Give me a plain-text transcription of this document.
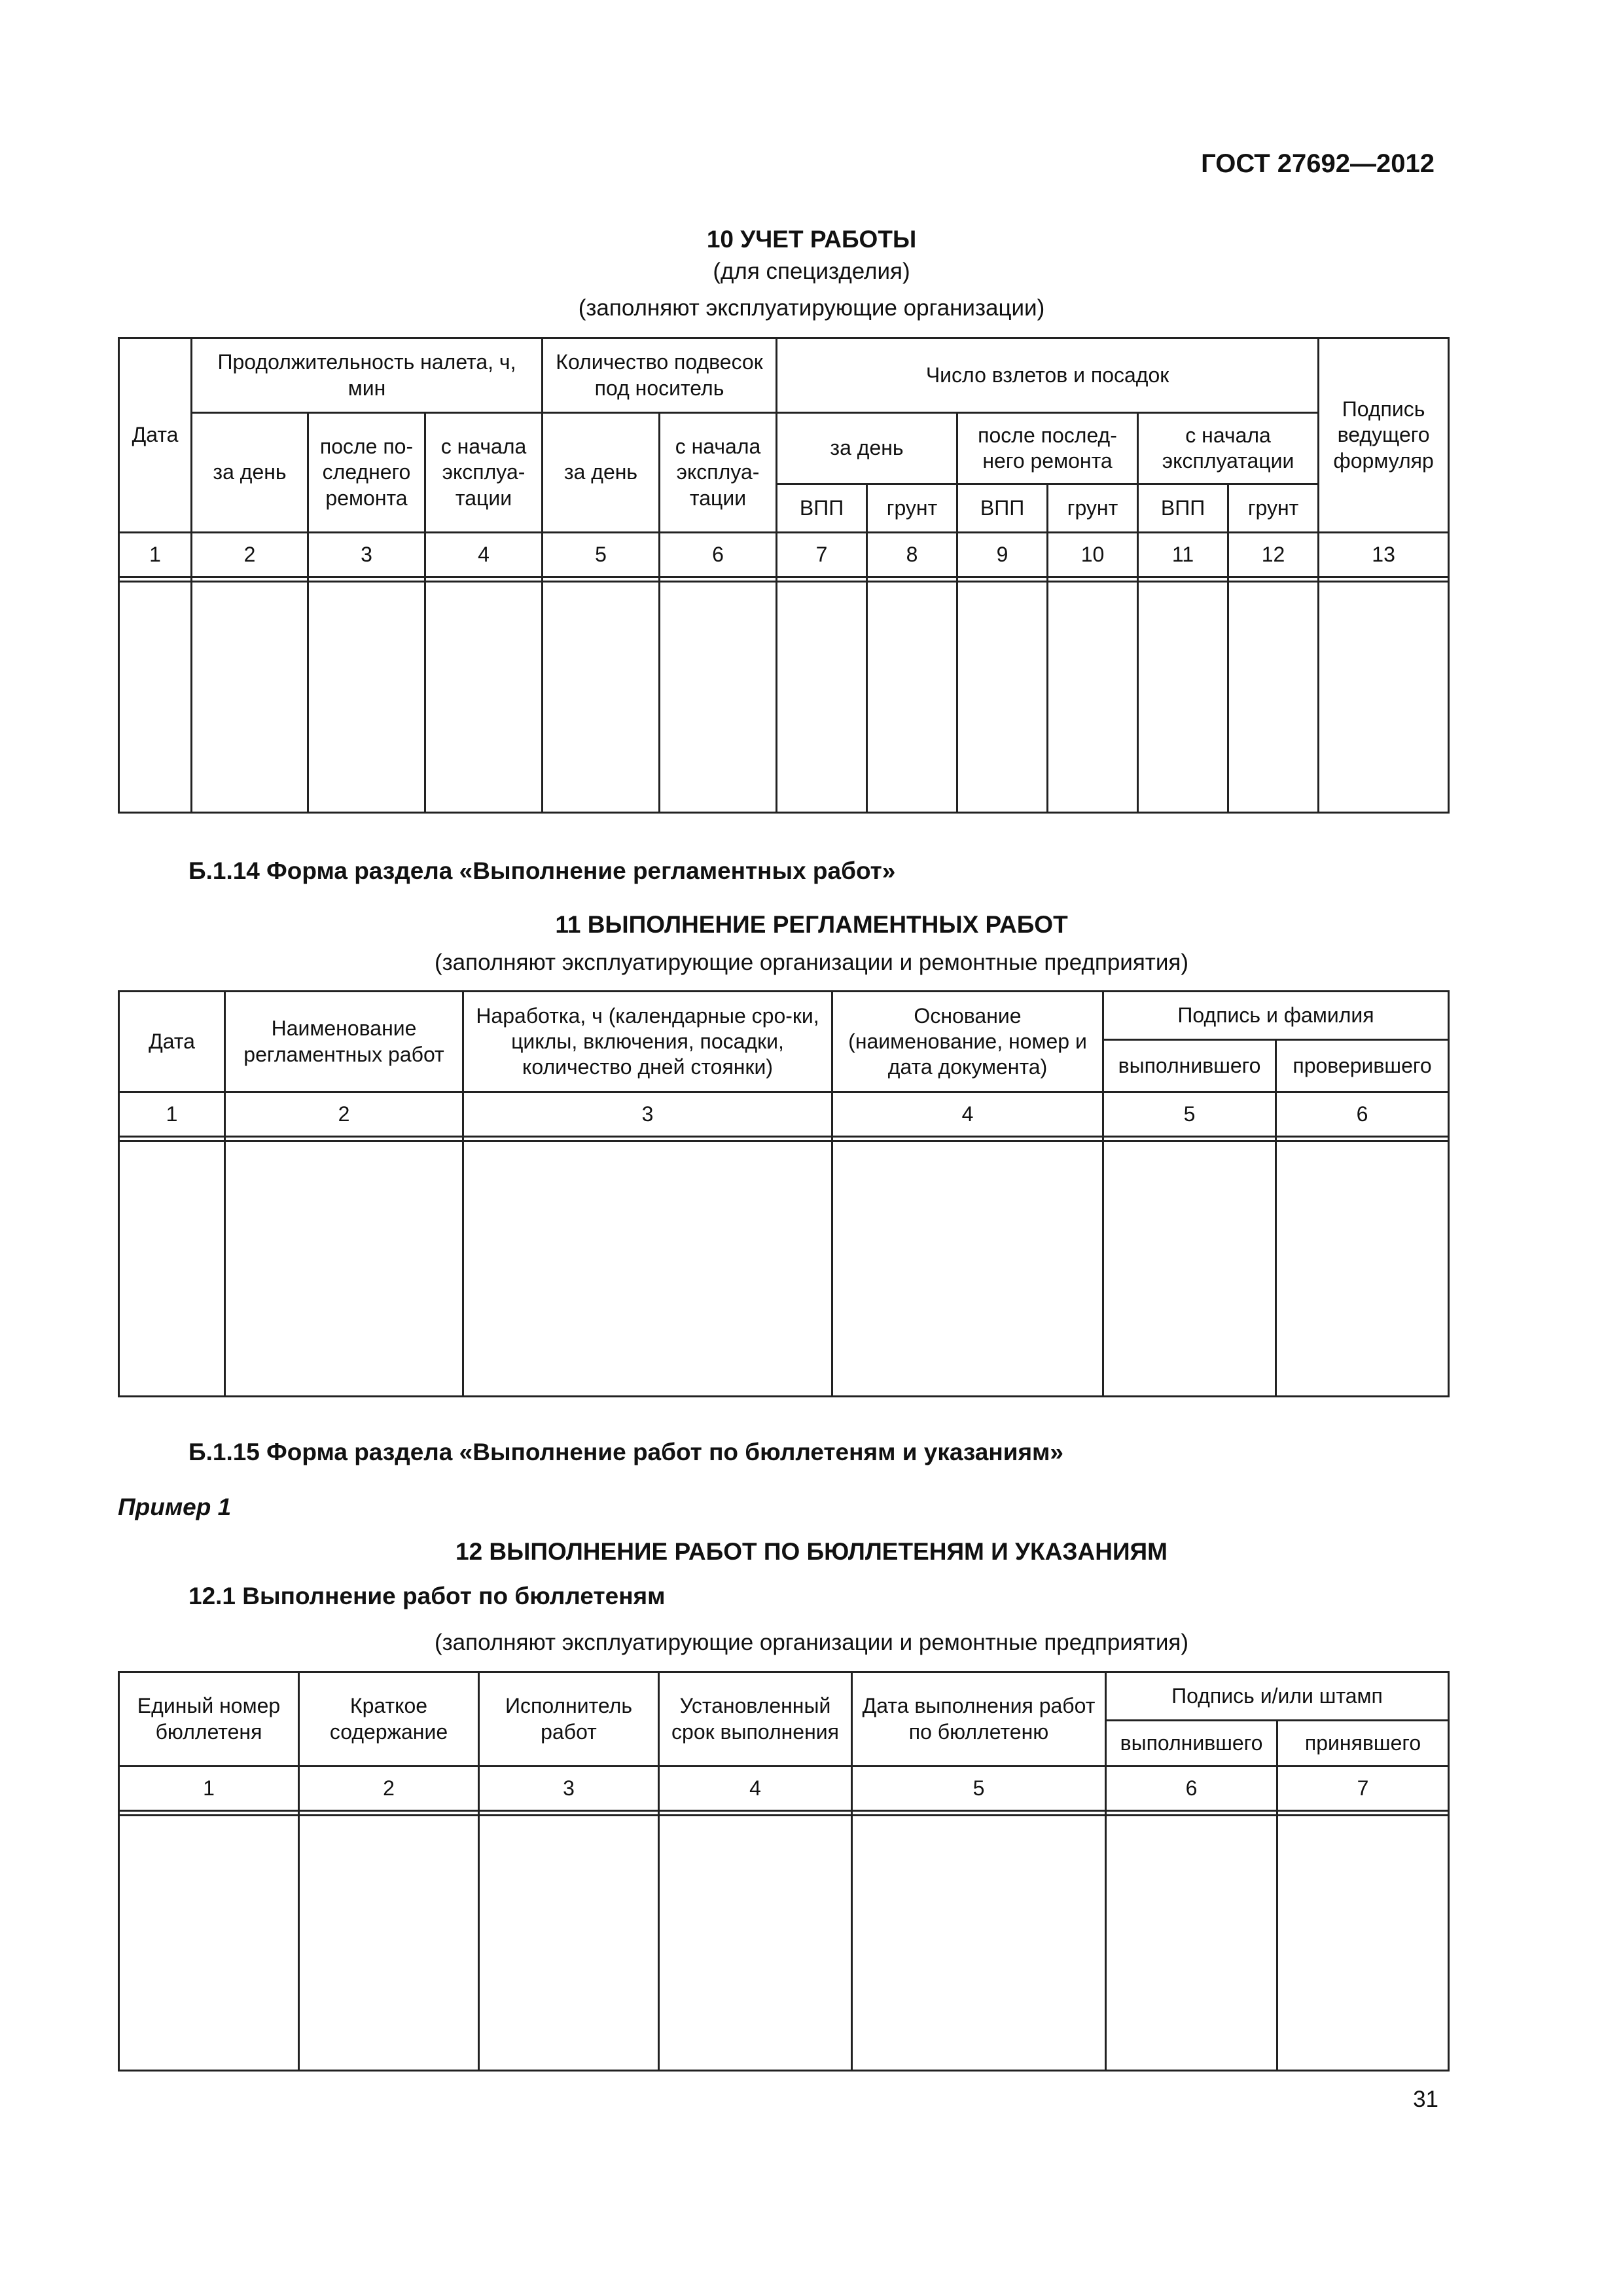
ГОСТ 27692—2012
10 УЧЕТ РАБОТЫ
(для специзделия)
(заполняют эксплуатирующие организации)
Дата	Продолжительность налета, ч, мин			Количество подвесок под носитель		Число взлетов и посадок						Подпись ведущего формуляр
	за день	после по-следнего ремонта	с начала эксплуа-тации	за день	с начала эксплуа-тации	за день		после послед-него ремонта		с начала эксплуатации		
						ВПП	грунт	ВПП	грунт	ВПП	грунт	
1	2	3	4	5	6	7	8	9	10	11	12	13

Б.1.14 Форма раздела «Выполнение регламентных работ»
11 ВЫПОЛНЕНИЕ РЕГЛАМЕНТНЫХ РАБОТ
(заполняют эксплуатирующие организации и ремонтные предприятия)
Дата	Наименование регламентных работ	Наработка, ч (календарные сро-ки, циклы, включения, посадки, количество дней стоянки)	Основание (наименование, номер и дата документа)	Подпись и фамилия	
				выполнившего	проверившего
1	2	3	4	5	6

Б.1.15 Форма раздела «Выполнение работ по бюллетеням и указаниям»
Пример 1
12 ВЫПОЛНЕНИЕ РАБОТ ПО БЮЛЛЕТЕНЯМ И УКАЗАНИЯМ
12.1 Выполнение работ по бюллетеням
(заполняют эксплуатирующие организации и ремонтные предприятия)
Единый номер бюллетеня	Краткое содержание	Исполнитель работ	Установленный срок выполнения	Дата выполнения работ по бюллетеню	Подпись и/или штамп	
					выполнившего	принявшего
1	2	3	4	5	6	7

31
